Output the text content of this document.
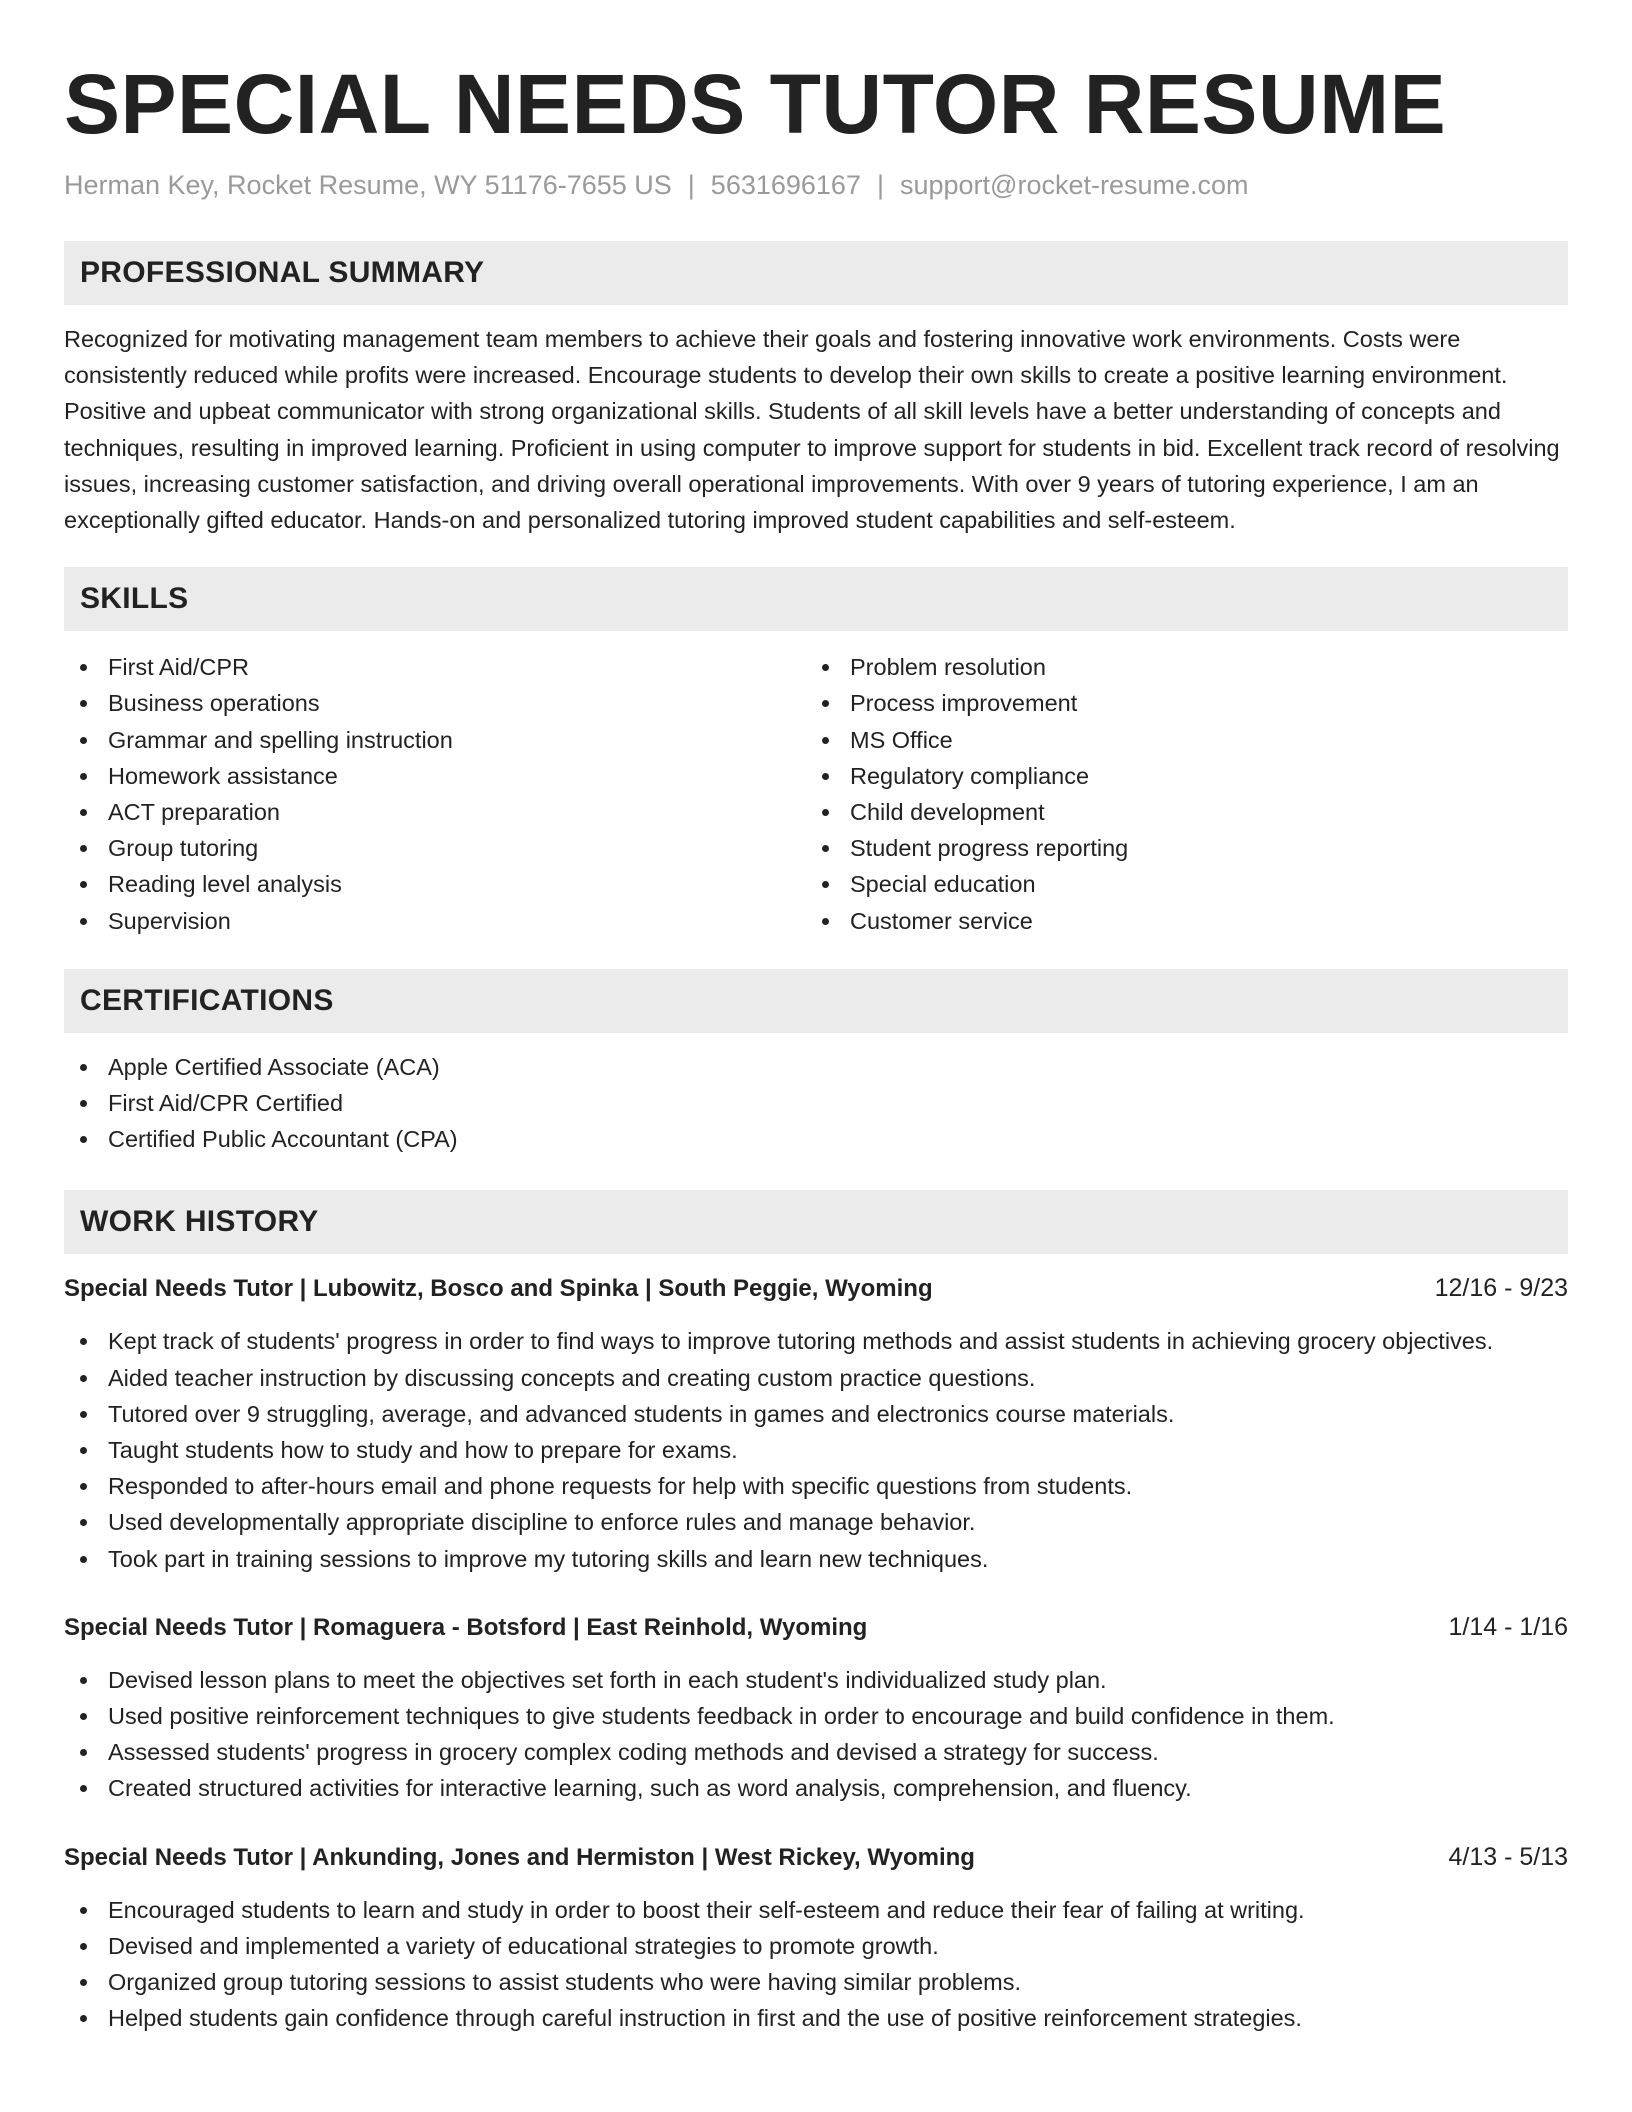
SPECIAL NEEDS TUTOR RESUME
Herman Key, Rocket Resume, WY 51176-7655 US | 5631696167 | support@rocket-resume.com
PROFESSIONAL SUMMARY

Recognized for motivating management team members to achieve their goals and fostering innovative work environments. Costs were consistently reduced while profits were increased. Encourage students to develop their own skills to create a positive learning environment. Positive and upbeat communicator with strong organizational skills. Students of all skill levels have a better understanding of concepts and techniques, resulting in improved learning. Proficient in using computer to improve support for students in bid. Excellent track record of resolving issues, increasing customer satisfaction, and driving overall operational improvements. With over 9 years of tutoring experience, I am an exceptionally gifted educator. Hands-on and personalized tutoring improved student capabilities and self-esteem.

SKILLS
First Aid/CPR
Business operations
Grammar and spelling instruction
Homework assistance
ACT preparation
Group tutoring
Reading level analysis
Supervision
Problem resolution
Process improvement
MS Office
Regulatory compliance
Child development
Student progress reporting
Special education
Customer service
CERTIFICATIONS
Apple Certified Associate (ACA)
First Aid/CPR Certified
Certified Public Accountant (CPA)
WORK HISTORY
Special Needs Tutor | Lubowitz, Bosco and Spinka | South Peggie, Wyoming	12/16 - 9/23
Kept track of students' progress in order to find ways to improve tutoring methods and assist students in achieving grocery objectives.
Aided teacher instruction by discussing concepts and creating custom practice questions.
Tutored over 9 struggling, average, and advanced students in games and electronics course materials.
Taught students how to study and how to prepare for exams.
Responded to after-hours email and phone requests for help with specific questions from students.
Used developmentally appropriate discipline to enforce rules and manage behavior.
Took part in training sessions to improve my tutoring skills and learn new techniques.
Special Needs Tutor | Romaguera - Botsford | East Reinhold, Wyoming	1/14 - 1/16
Devised lesson plans to meet the objectives set forth in each student's individualized study plan.
Used positive reinforcement techniques to give students feedback in order to encourage and build confidence in them.
Assessed students' progress in grocery complex coding methods and devised a strategy for success.
Created structured activities for interactive learning, such as word analysis, comprehension, and fluency.
Special Needs Tutor | Ankunding, Jones and Hermiston | West Rickey, Wyoming	4/13 - 5/13
Encouraged students to learn and study in order to boost their self-esteem and reduce their fear of failing at writing.
Devised and implemented a variety of educational strategies to promote growth.
Organized group tutoring sessions to assist students who were having similar problems.
Helped students gain confidence through careful instruction in first and the use of positive reinforcement strategies.
